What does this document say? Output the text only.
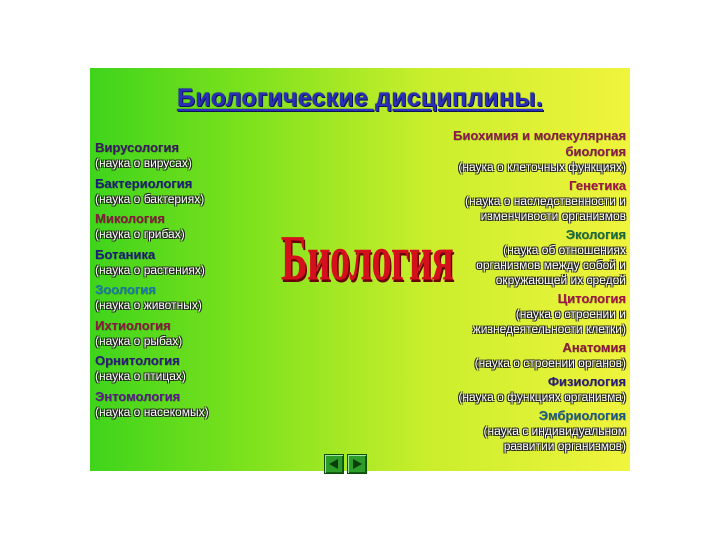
Биологические дисциплины.
Вирусология
(наука о вирусах)
Бактериология
(наука о бактериях)
Микология
(наука о грибах)
Ботаника
(наука о растениях)
Зоология
(наука о животных)
Ихтиология
(наука о рыбах)
Орнитология
(наука о птицах)
Энтомология
(наука о насекомых)
Биология
Биохимия и молекулярная
биология
(наука о клеточных функциях)
Генетика
(наука о наследственности и
изменчивости организмов
Экология
(наука об отношениях
организмов между собой и
окружающей их средой
Цитология
(наука о строении и
жизнедеятельности клетки)
Анатомия
(наука о строении органов)
Физиология
(наука о функциях организма)
Эмбриология
(наука с индивидуальном
развитии организмов)
